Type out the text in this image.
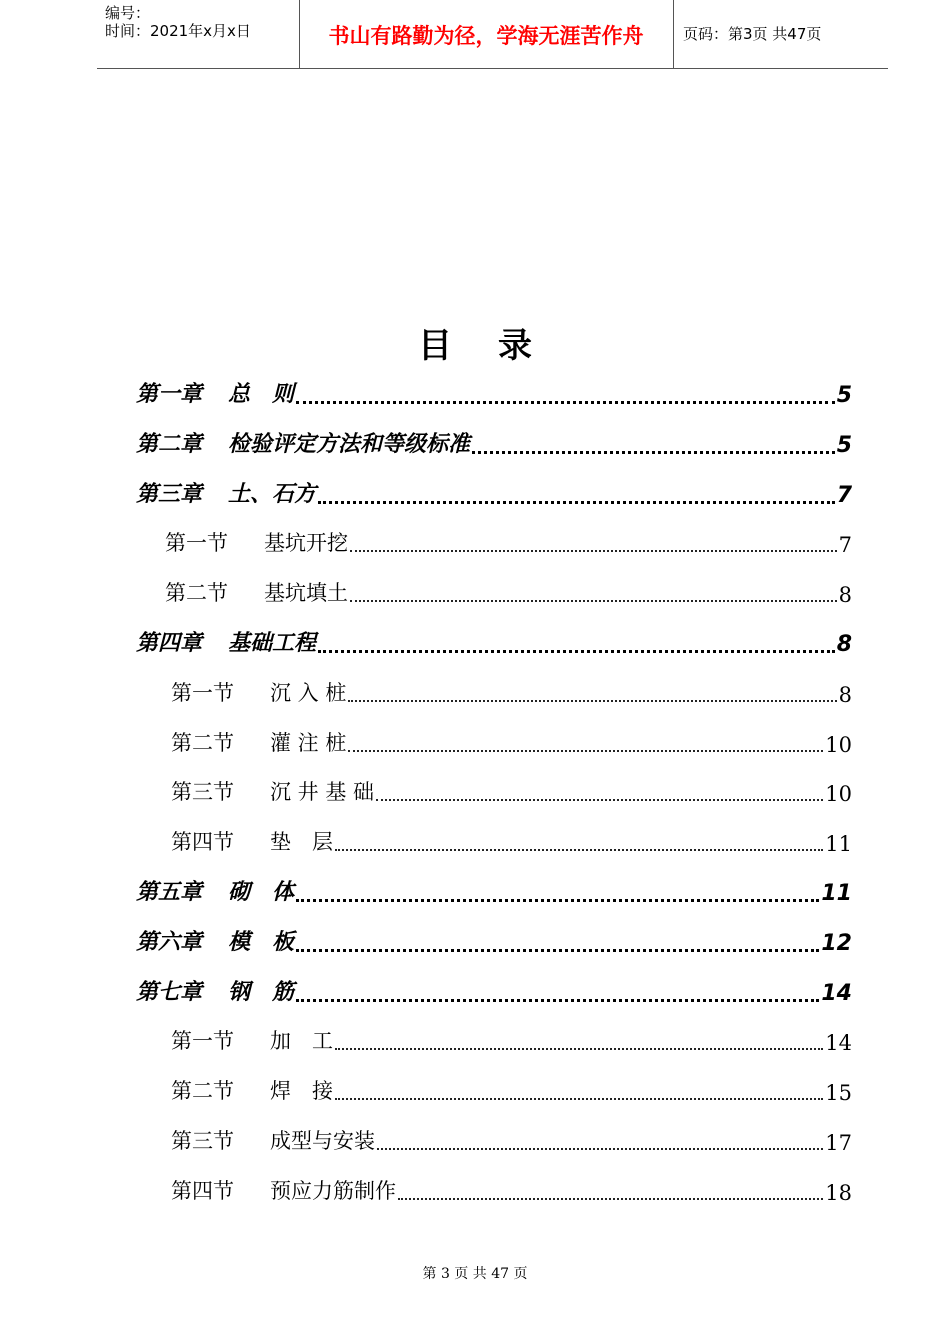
编号：
时间：2021年x月x日	书山有路勤为径，学海无涯苦作舟	页码：第3页 共47页
目录
第一章 总　则	5
第二章 检验评定方法和等级标准	5
第三章 土、石方	7
第一节 基坑开挖	7
第二节 基坑填土	8
第四章 基础工程	8
第一节 沉 入 桩	8
第二节 灌 注 桩	10
第三节 沉 井 基 础	10
第四节 垫　层	11
第五章 砌　体	11
第六章 模　板	12
第七章 钢　筋	14
第一节 加　工	14
第二节 焊　接	15
第三节 成型与安装	17
第四节 预应力筋制作	18
第 3 页 共 47 页
